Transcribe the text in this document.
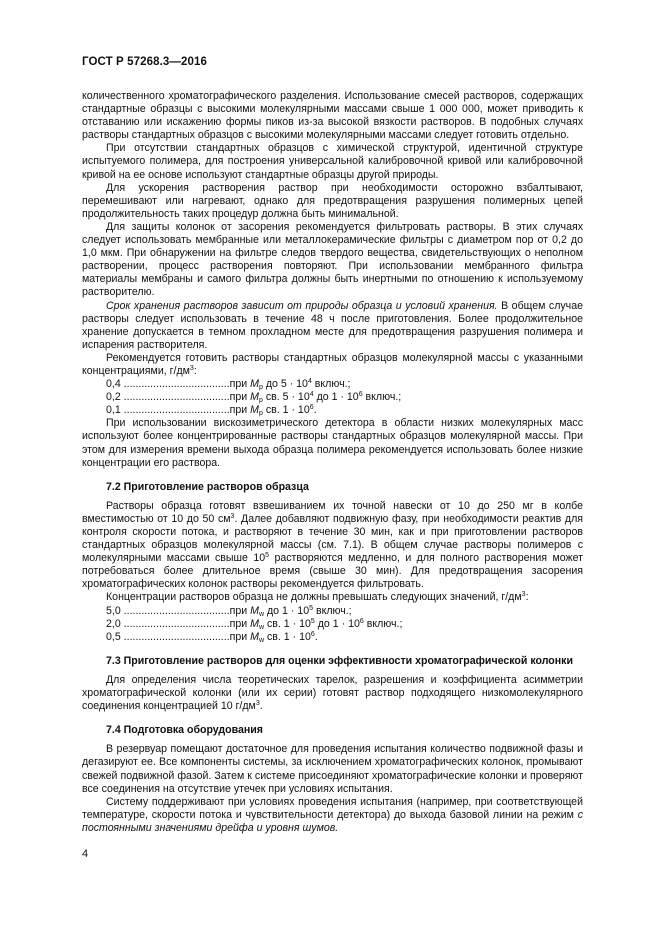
ГОСТ Р 57268.3—2016

количественного хроматографического разделения. Использование смесей растворов, содержащих стандартные образцы с высокими молекулярными массами свыше 1 000 000, может приводить к отставанию или искажению формы пиков из-за высокой вязкости растворов. В подобных случаях растворы стандартных образцов с высокими молекулярными массами следует готовить отдельно.

При отсутствии стандартных образцов с химической структурой, идентичной структуре испытуемого полимера, для построения универсальной калибровочной кривой или калибровочной кривой на ее основе используют стандартные образцы другой природы.

Для ускорения растворения раствор при необходимости осторожно взбалтывают, перемешивают или нагревают, однако для предотвращения разрушения полимерных цепей продолжительность таких процедур должна быть минимальной.

Для защиты колонок от засорения рекомендуется фильтровать растворы. В этих случаях следует использовать мембранные или металлокерамические фильтры с диаметром пор от 0,2 до 1,0 мкм. При обнаружении на фильтре следов твердого вещества, свидетельствующих о неполном растворении, процесс растворения повторяют. При использовании мембранного фильтра материалы мембраны и самого фильтра должны быть инертными по отношению к используемому растворителю.

Срок хранения растворов зависит от природы образца и условий хранения. В общем случае растворы следует использовать в течение 48 ч после приготовления. Более продолжительное хранение допускается в темном прохладном месте для предотвращения разрушения полимера и испарения растворителя.

Рекомендуется готовить растворы стандартных образцов молекулярной массы с указанными концентрациями, $г/дм^3$:

0,4 ....................................при $M_p$ до $5 \cdot 10^4$ включ.;
0,2 ....................................при $M_p$ св. $5 \cdot 10^4$ до $1 \cdot 10^6$ включ.;
0,1 ....................................при $M_p$ св. $1 \cdot 10^6$.

При использовании вискозиметрического детектора в области низких молекулярных масс используют более концентрированные растворы стандартных образцов молекулярной массы. При этом для измерения времени выхода образца полимера рекомендуется использовать более низкие концентрации его раствора.

7.2 Приготовление растворов образца

Растворы образца готовят взвешиванием их точной навески от 10 до 250 мг в колбе вместимостью от 10 до 50 $см^3$. Далее добавляют подвижную фазу, при необходимости реактив для контроля скорости потока, и растворяют в течение 30 мин, как и при приготовлении растворов стандартных образцов молекулярной массы (см. 7.1). В общем случае растворы полимеров с молекулярными массами свыше $10^5$ растворяются медленно, и для полного растворения может потребоваться более длительное время (свыше 30 мин). Для предотвращения засорения хроматографических колонок растворы рекомендуется фильтровать.

Концентрации растворов образца не должны превышать следующих значений, $г/дм^3$:

5,0 ....................................при $M_w$ до $1 \cdot 10^5$ включ.;
2,0 ....................................при $M_w$ св. $1 \cdot 10^5$ до $1 \cdot 10^6$ включ.;
0,5 ....................................при $M_w$ св. $1 \cdot 10^6$.
7.3 Приготовление растворов для оценки эффективности хроматографической колонки

Для определения числа теоретических тарелок, разрешения и коэффициента асимметрии хроматографической колонки (или их серии) готовят раствор подходящего низкомолекулярного соединения концентрацией 10 $г/дм^3$.

7.4 Подготовка оборудования

В резервуар помещают достаточное для проведения испытания количество подвижной фазы и дегазируют ее. Все компоненты системы, за исключением хроматографических колонок, промывают свежей подвижной фазой. Затем к системе присоединяют хроматографические колонки и проверяют все соединения на отсутствие утечек при условиях испытания.

Систему поддерживают при условиях проведения испытания (например, при соответствующей температуре, скорости потока и чувствительности детектора) до выхода базовой линии на режим с постоянными значениями дрейфа и уровня шумов.

4
